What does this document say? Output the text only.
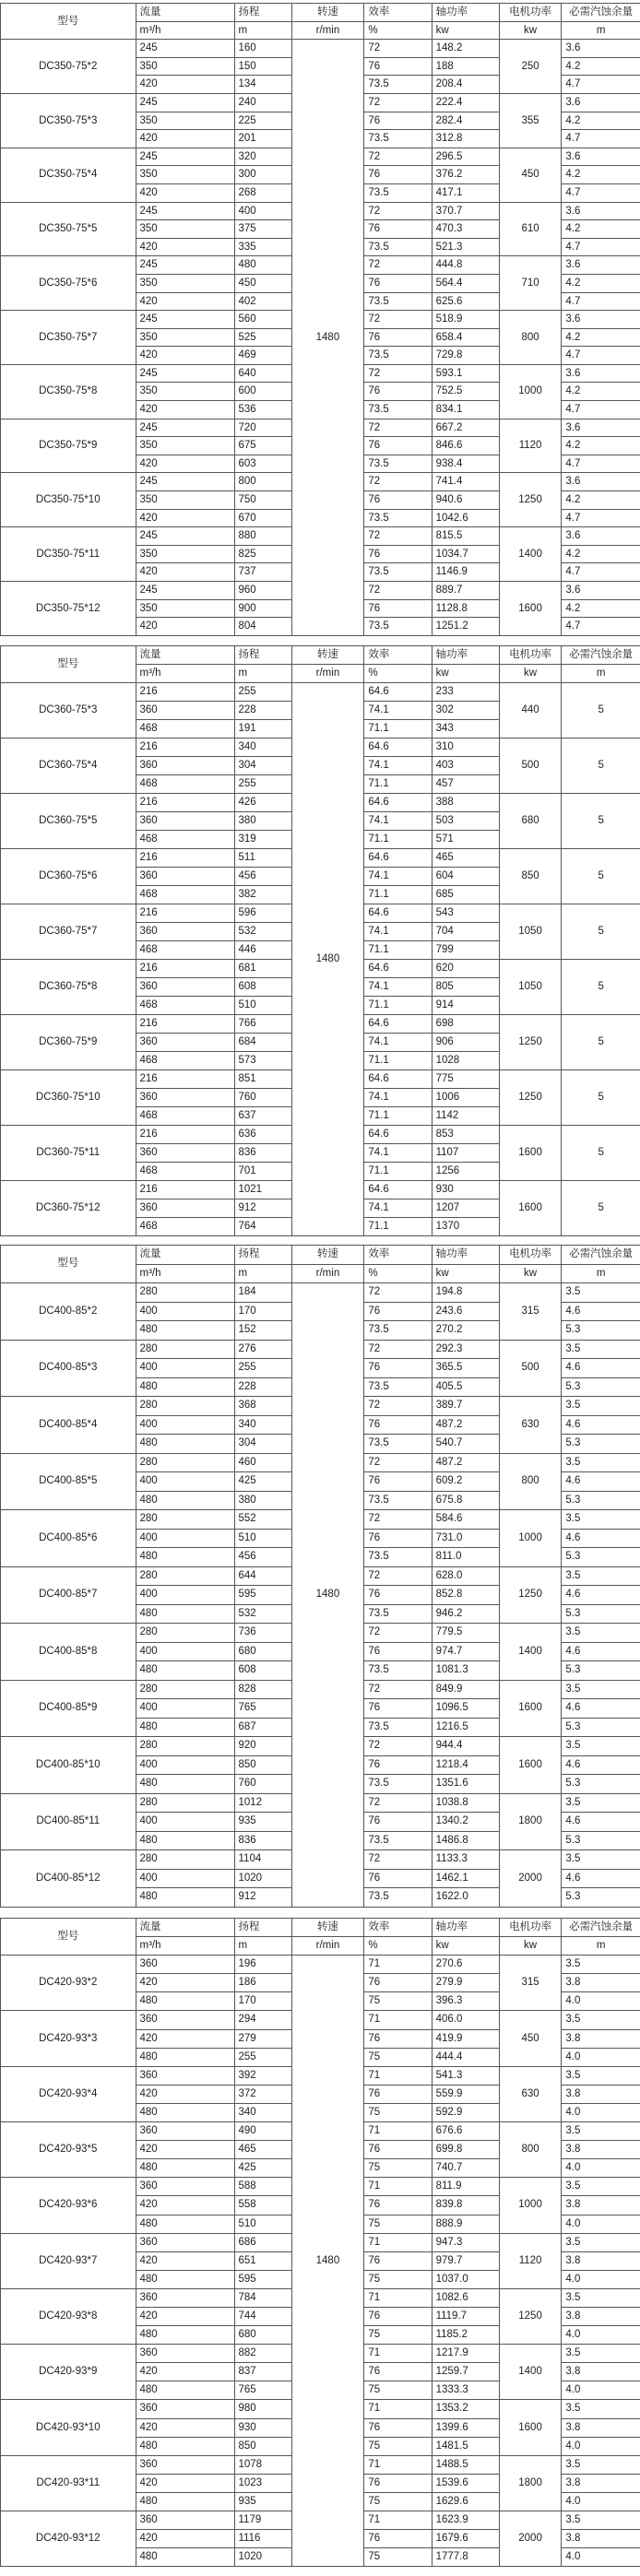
型号	流量	扬程	转速	效率	轴功率	电机功率	必需汽蚀余量
	m³/h	m	r/min	%	kw	kw	m
DC350-75*2	245	160	1480	72	148.2	250	3.6
	350	150		76	188		4.2
	420	134		73.5	208.4		4.7
DC350-75*3	245	240		72	222.4	355	3.6
	350	225		76	282.4		4.2
	420	201		73.5	312.8		4.7
DC350-75*4	245	320		72	296.5	450	3.6
	350	300		76	376.2		4.2
	420	268		73.5	417.1		4.7
DC350-75*5	245	400		72	370.7	610	3.6
	350	375		76	470.3		4.2
	420	335		73.5	521.3		4.7
DC350-75*6	245	480		72	444.8	710	3.6
	350	450		76	564.4		4.2
	420	402		73.5	625.6		4.7
DC350-75*7	245	560		72	518.9	800	3.6
	350	525		76	658.4		4.2
	420	469		73.5	729.8		4.7
DC350-75*8	245	640		72	593.1	1000	3.6
	350	600		76	752.5		4.2
	420	536		73.5	834.1		4.7
DC350-75*9	245	720		72	667.2	1120	3.6
	350	675		76	846.6		4.2
	420	603		73.5	938.4		4.7
DC350-75*10	245	800		72	741.4	1250	3.6
	350	750		76	940.6		4.2
	420	670		73.5	1042.6		4.7
DC350-75*11	245	880		72	815.5	1400	3.6
	350	825		76	1034.7		4.2
	420	737		73.5	1146.9		4.7
DC350-75*12	245	960		72	889.7	1600	3.6
	350	900		76	1128.8		4.2
	420	804		73.5	1251.2		4.7
型号	流量	扬程	转速	效率	轴功率	电机功率	必需汽蚀余量
	m³/h	m	r/min	%	kw	kw	m
DC360-75*3	216	255	1480	64.6	233	440	5
	360	228		74.1	302		
	468	191		71.1	343		
DC360-75*4	216	340		64.6	310	500	5
	360	304		74.1	403		
	468	255		71.1	457		
DC360-75*5	216	426		64.6	388	680	5
	360	380		74.1	503		
	468	319		71.1	571		
DC360-75*6	216	511		64.6	465	850	5
	360	456		74.1	604		
	468	382		71.1	685		
DC360-75*7	216	596		64.6	543	1050	5
	360	532		74.1	704		
	468	446		71.1	799		
DC360-75*8	216	681		64.6	620	1050	5
	360	608		74.1	805		
	468	510		71.1	914		
DC360-75*9	216	766		64.6	698	1250	5
	360	684		74.1	906		
	468	573		71.1	1028		
DC360-75*10	216	851		64.6	775	1250	5
	360	760		74.1	1006		
	468	637		71.1	1142		
DC360-75*11	216	636		64.6	853	1600	5
	360	836		74.1	1107		
	468	701		71.1	1256		
DC360-75*12	216	1021		64.6	930	1600	5
	360	912		74.1	1207		
	468	764		71.1	1370		
型号	流量	扬程	转速	效率	轴功率	电机功率	必需汽蚀余量
	m³/h	m	r/min	%	kw	kw	m
DC400-85*2	280	184	1480	72	194.8	315	3.5
	400	170		76	243.6		4.6
	480	152		73.5	270.2		5.3
DC400-85*3	280	276		72	292.3	500	3.5
	400	255		76	365.5		4.6
	480	228		73.5	405.5		5.3
DC400-85*4	280	368		72	389.7	630	3.5
	400	340		76	487.2		4.6
	480	304		73.5	540.7		5.3
DC400-85*5	280	460		72	487.2	800	3.5
	400	425		76	609.2		4.6
	480	380		73.5	675.8		5.3
DC400-85*6	280	552		72	584.6	1000	3.5
	400	510		76	731.0		4.6
	480	456		73.5	811.0		5.3
DC400-85*7	280	644		72	628.0	1250	3.5
	400	595		76	852.8		4.6
	480	532		73.5	946.2		5.3
DC400-85*8	280	736		72	779.5	1400	3.5
	400	680		76	974.7		4.6
	480	608		73.5	1081.3		5.3
DC400-85*9	280	828		72	849.9	1600	3.5
	400	765		76	1096.5		4.6
	480	687		73.5	1216.5		5.3
DC400-85*10	280	920		72	944.4	1600	3.5
	400	850		76	1218.4		4.6
	480	760		73.5	1351.6		5.3
DC400-85*11	280	1012		72	1038.8	1800	3.5
	400	935		76	1340.2		4.6
	480	836		73.5	1486.8		5.3
DC400-85*12	280	1104		72	1133.3	2000	3.5
	400	1020		76	1462.1		4.6
	480	912		73.5	1622.0		5.3
型号	流量	扬程	转速	效率	轴功率	电机功率	必需汽蚀余量
	m³/h	m	r/min	%	kw	kw	m
DC420-93*2	360	196	1480	71	270.6	315	3.5
	420	186		76	279.9		3.8
	480	170		75	396.3		4.0
DC420-93*3	360	294		71	406.0	450	3.5
	420	279		76	419.9		3.8
	480	255		75	444.4		4.0
DC420-93*4	360	392		71	541.3	630	3.5
	420	372		76	559.9		3.8
	480	340		75	592.9		4.0
DC420-93*5	360	490		71	676.6	800	3.5
	420	465		76	699.8		3.8
	480	425		75	740.7		4.0
DC420-93*6	360	588		71	811.9	1000	3.5
	420	558		76	839.8		3.8
	480	510		75	888.9		4.0
DC420-93*7	360	686		71	947.3	1120	3.5
	420	651		76	979.7		3.8
	480	595		75	1037.0		4.0
DC420-93*8	360	784		71	1082.6	1250	3.5
	420	744		76	1119.7		3.8
	480	680		75	1185.2		4.0
DC420-93*9	360	882		71	1217.9	1400	3.5
	420	837		76	1259.7		3.8
	480	765		75	1333.3		4.0
DC420-93*10	360	980		71	1353.2	1600	3.5
	420	930		76	1399.6		3.8
	480	850		75	1481.5		4.0
DC420-93*11	360	1078		71	1488.5	1800	3.5
	420	1023		76	1539.6		3.8
	480	935		75	1629.6		4.0
DC420-93*12	360	1179		71	1623.9	2000	3.5
	420	1116		76	1679.6		3.8
	480	1020		75	1777.8		4.0
